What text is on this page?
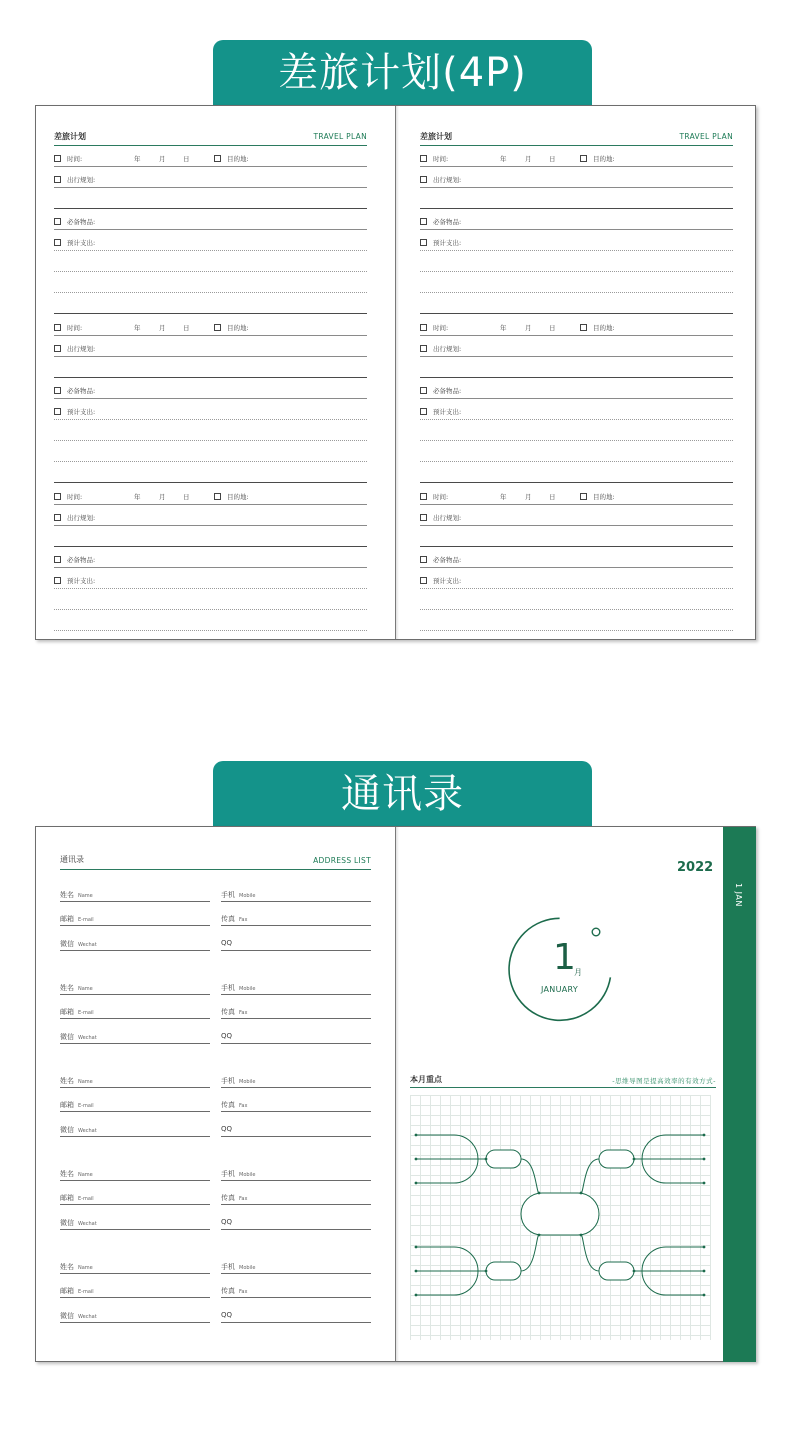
差旅计划(4P)
差旅计划	TRAVEL PLAN
时间:	年	月	日	目的地:
出行规划:
必备物品:
预计支出:
时间:	年	月	日	目的地:
出行规划:
必备物品:
预计支出:
时间:	年	月	日	目的地:
出行规划:
必备物品:
预计支出:
差旅计划	TRAVEL PLAN
时间:	年	月	日	目的地:
出行规划:
必备物品:
预计支出:
时间:	年	月	日	目的地:
出行规划:
必备物品:
预计支出:
时间:	年	月	日	目的地:
出行规划:
必备物品:
预计支出:
通讯录
通讯录	ADDRESS LIST
姓名 Name	手机 Mobile
邮箱 E-mail	传真 Fax
微信 Wechat	QQ
姓名 Name	手机 Mobile
邮箱 E-mail	传真 Fax
微信 Wechat	QQ
姓名 Name	手机 Mobile
邮箱 E-mail	传真 Fax
微信 Wechat	QQ
姓名 Name	手机 Mobile
邮箱 E-mail	传真 Fax
微信 Wechat	QQ
姓名 Name	手机 Mobile
邮箱 E-mail	传真 Fax
微信 Wechat	QQ
2022
1
月
JANUARY
本月重点	-思维导图是提高效率的有效方式-
1 JAN
